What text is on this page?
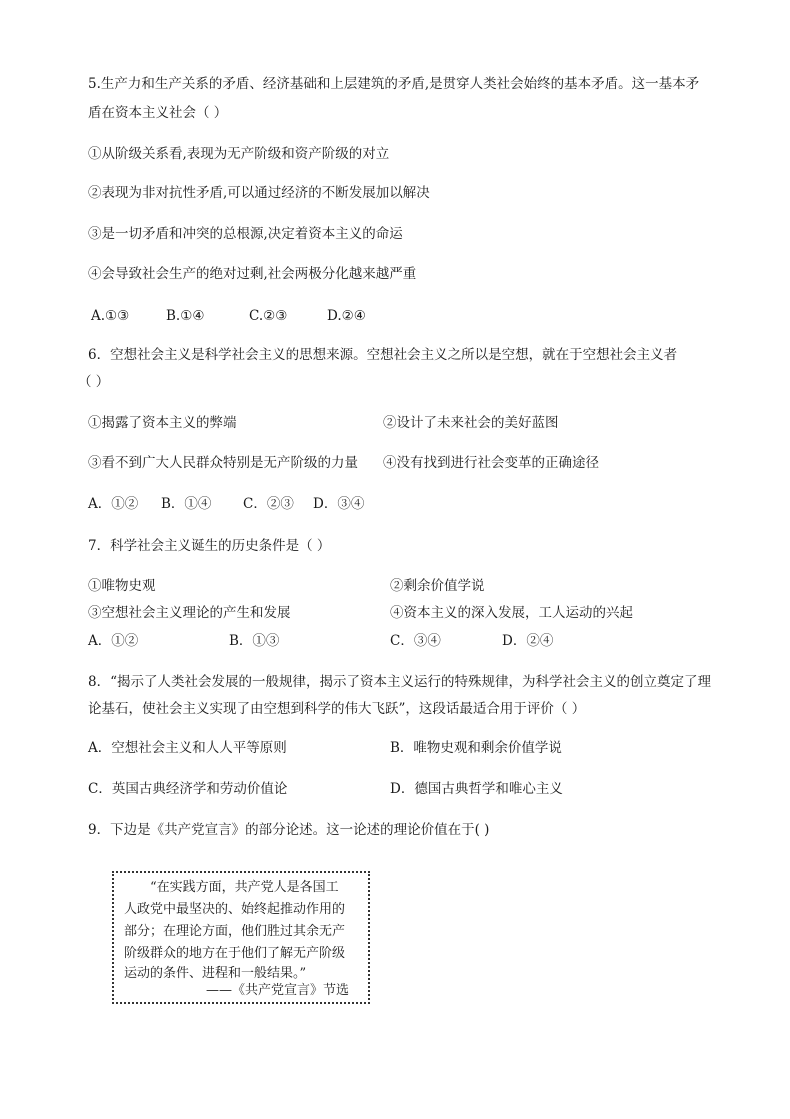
5.生产力和生产关系的矛盾、经济基础和上层建筑的矛盾,是贯穿人类社会始终的基本矛盾。这一基本矛
盾在资本主义社会（ ）
①从阶级关系看,表现为无产阶级和资产阶级的对立
②表现为非对抗性矛盾,可以通过经济的不断发展加以解决
③是一切矛盾和冲突的总根源,决定着资本主义的命运
④会导致社会生产的绝对过剩,社会两极分化越来越严重
A.①③	B.①④	C.②③	D.②④
6．空想社会主义是科学社会主义的思想来源。空想社会主义之所以是空想，就在于空想社会主义者
（ ）
①揭露了资本主义的弊端	②设计了未来社会的美好蓝图
③看不到广大人民群众特别是无产阶级的力量 ④没有找到进行社会变革的正确途径
A．①② B．①④ C．②③ D．③④
7．科学社会主义诞生的历史条件是（ ）
①唯物史观	②剩余价值学说
③空想社会主义理论的产生和发展	④资本主义的深入发展，工人运动的兴起
A．①②	B．①③	C．③④	D．②④
8．“揭示了人类社会发展的一般规律，揭示了资本主义运行的特殊规律，为科学社会主义的创立奠定了理
论基石，使社会主义实现了由空想到科学的伟大飞跃”，这段话最适合用于评价（ ）
A．空想社会主义和人人平等原则	B．唯物史观和剩余价值学说
C．英国古典经济学和劳动价值论	D．德国古典哲学和唯心主义
9．下边是《共产党宣言》的部分论述。这一论述的理论价值在于( )
“在实践方面，共产党人是各国工
人政党中最坚决的、始终起推动作用的
部分；在理论方面，他们胜过其余无产
阶级群众的地方在于他们了解无产阶级
运动的条件、进程和一般结果。”
——《共产党宣言》节选
